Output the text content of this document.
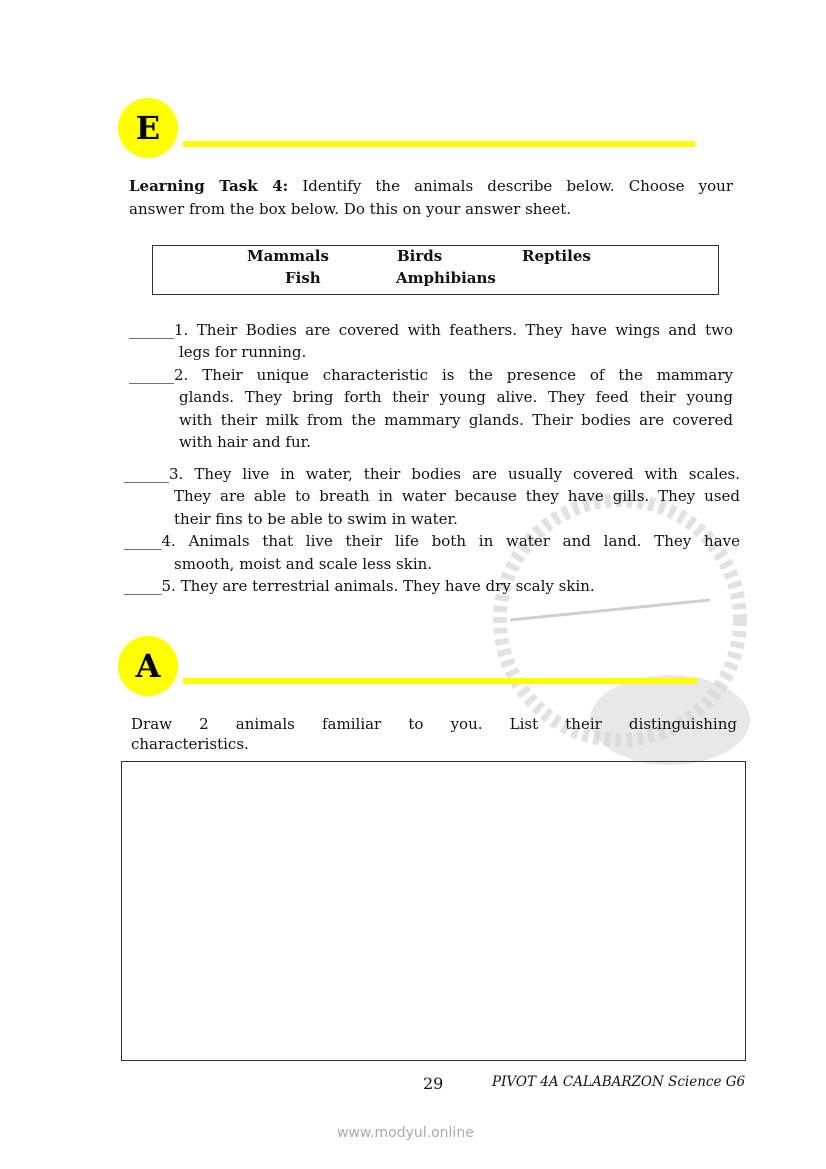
E
Learning Task 4: Identify the animals describe below. Choose your
answer from the box below. Do this on your answer sheet.
Mammals	Birds	Reptiles
Fish	Amphibians
______1. Their Bodies are covered with feathers. They have wings and two
legs for running.
______2. Their unique characteristic is the presence of the mammary
glands. They bring forth their young alive. They feed their young
with their milk from the mammary glands. Their bodies are covered
with hair and fur.
______3. They live in water, their bodies are usually covered with scales.
They are able to breath in water because they have gills. They used
their fins to be able to swim in water.
_____4. Animals that live their life both in water and land. They have
smooth, moist and scale less skin.
_____5. They are terrestrial animals. They have dry scaly skin.
A
Draw 2 animals familiar to you. List their distinguishing
characteristics.
29	PIVOT 4A CALABARZON Science G6
www.modyul.online
